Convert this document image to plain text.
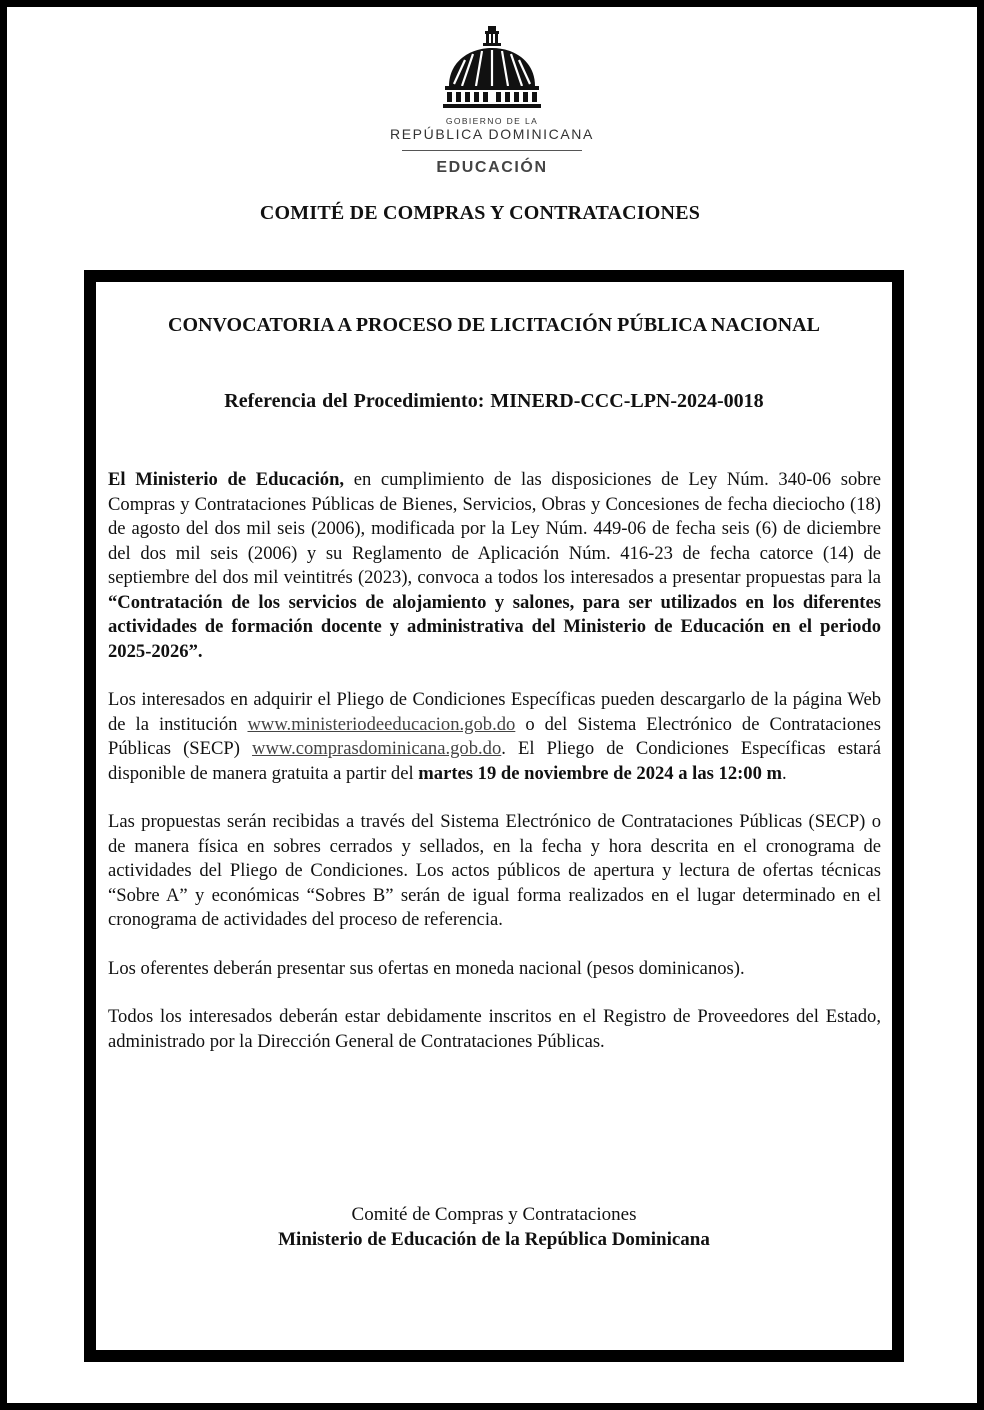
GOBIERNO DE LA
REPÚBLICA DOMINICANA
EDUCACIÓN
COMITÉ DE COMPRAS Y CONTRATACIONES
CONVOCATORIA A PROCESO DE LICITACIÓN PÚBLICA NACIONAL
Referencia del Procedimiento: MINERD-CCC-LPN-2024-0018

El Ministerio de Educación, en cumplimiento de las disposiciones de Ley Núm. 340-06 sobre Compras y Contrataciones Públicas de Bienes, Servicios, Obras y Concesiones de fecha dieciocho (18) de agosto del dos mil seis (2006), modificada por la Ley Núm. 449-06 de fecha seis (6) de diciembre del dos mil seis (2006) y su Reglamento de Aplicación Núm. 416-23 de fecha catorce (14) de septiembre del dos mil veintitrés (2023), convoca a todos los interesados a presentar propuestas para la “Contratación de los servicios de alojamiento y salones, para ser utilizados en los diferentes actividades de formación docente y administrativa del Ministerio de Educación en el periodo 2025-2026”.

Los interesados en adquirir el Pliego de Condiciones Específicas pueden descargarlo de la página Web de la institución www.ministeriodeeducacion.gob.do o del Sistema Electrónico de Contrataciones Públicas (SECP) www.comprasdominicana.gob.do. El Pliego de Condiciones Específicas estará disponible de manera gratuita a partir del martes 19 de noviembre de 2024 a las 12:00 m.

Las propuestas serán recibidas a través del Sistema Electrónico de Contrataciones Públicas (SECP) o de manera física en sobres cerrados y sellados, en la fecha y hora descrita en el cronograma de actividades del Pliego de Condiciones. Los actos públicos de apertura y lectura de ofertas técnicas “Sobre A” y económicas “Sobres B” serán de igual forma realizados en el lugar determinado en el cronograma de actividades del proceso de referencia.

Los oferentes deberán presentar sus ofertas en moneda nacional (pesos dominicanos).

Todos los interesados deberán estar debidamente inscritos en el Registro de Proveedores del Estado, administrado por la Dirección General de Contrataciones Públicas.

Comité de Compras y Contrataciones
Ministerio de Educación de la República Dominicana
